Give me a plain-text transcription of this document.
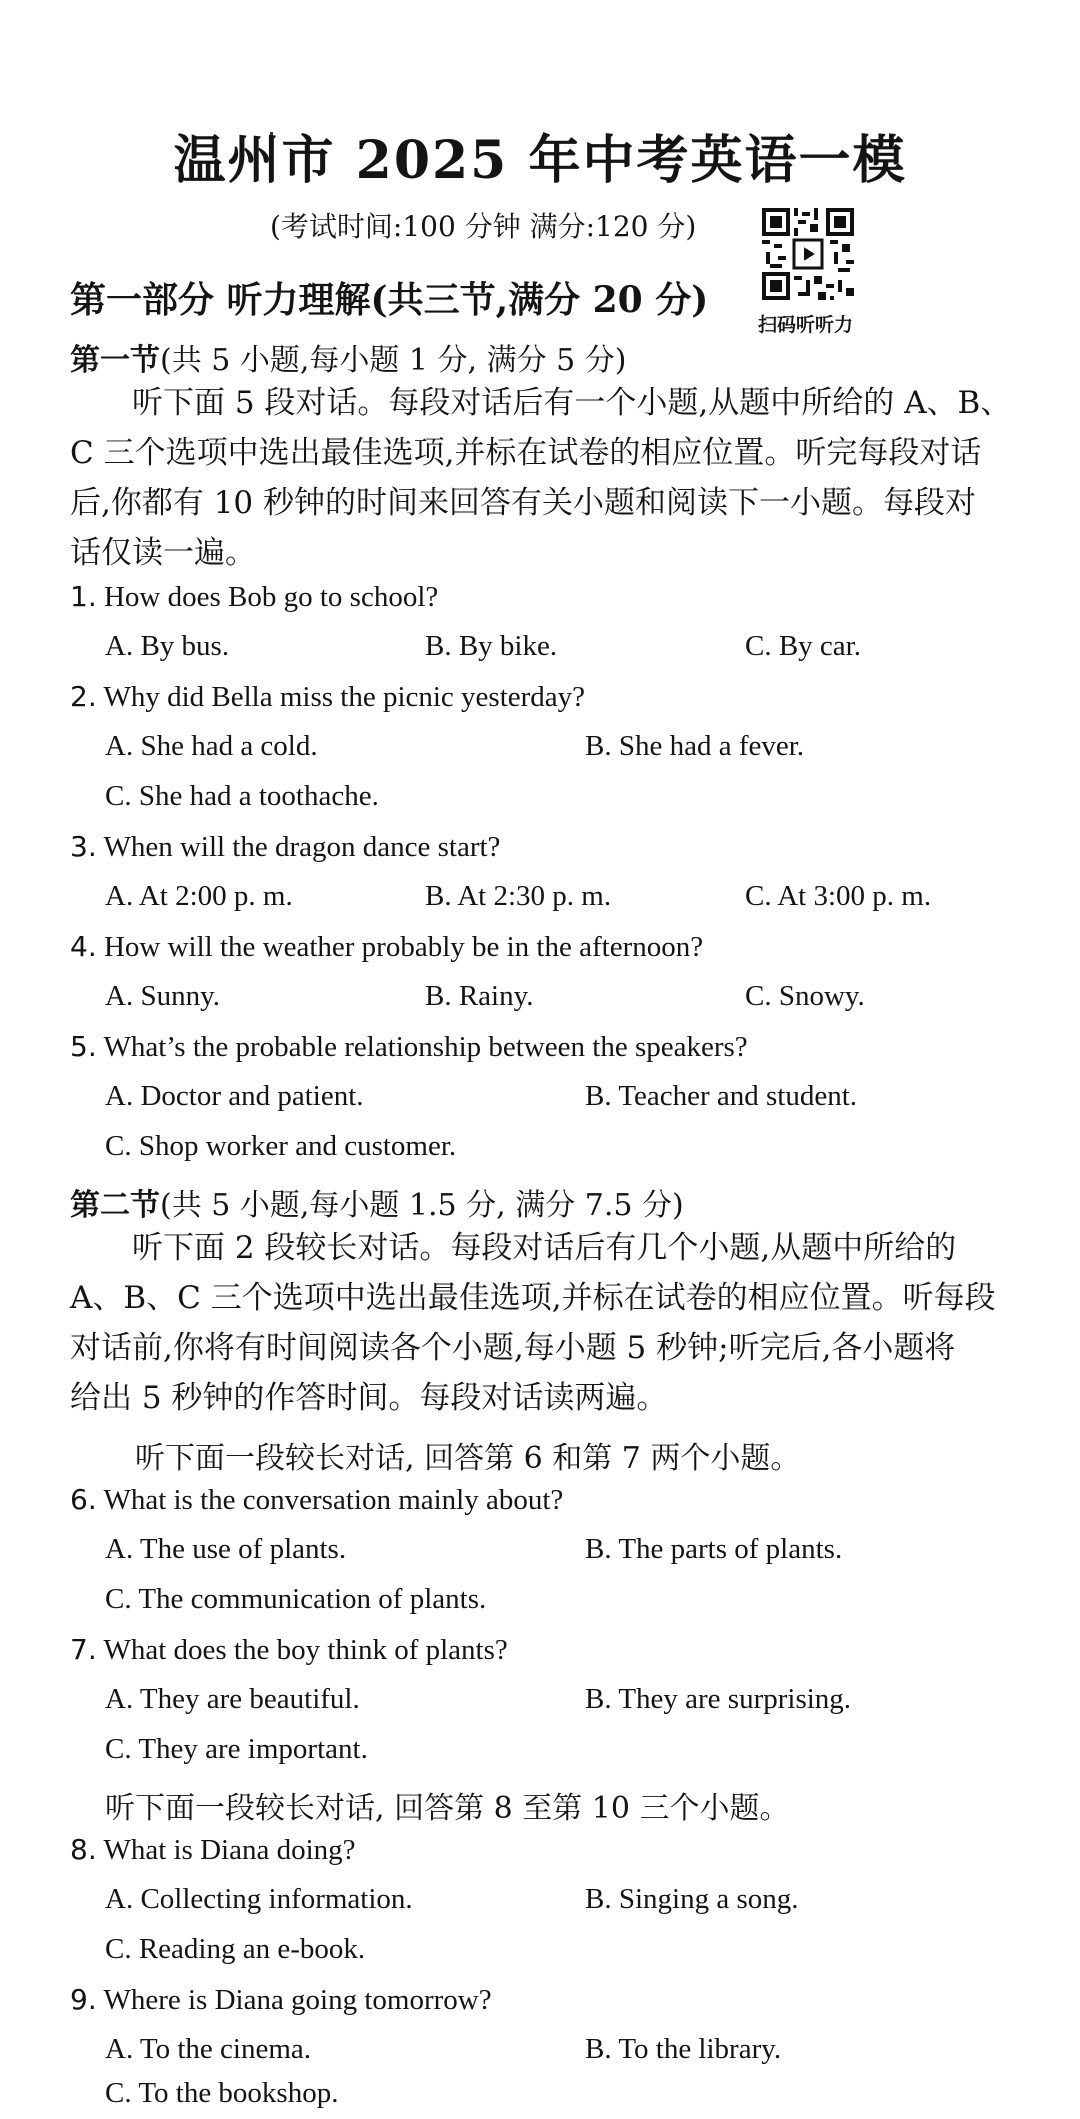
温州市 2025 年中考英语一模
(考试时间:100 分钟 满分:120 分)
扫码听听力
第一部分 听力理解(共三节,满分 20 分)
第一节(共 5 小题,每小题 1 分, 满分 5 分)
　　听下面 5 段对话。每段对话后有一个小题,从题中所给的 A、B、
C 三个选项中选出最佳选项,并标在试卷的相应位置。听完每段对话
后,你都有 10 秒钟的时间来回答有关小题和阅读下一小题。每段对
话仅读一遍。
1. How does Bob go to school?
A. By bus.	B. By bike.	C. By car.
2. Why did Bella miss the picnic yesterday?
A. She had a cold.	B. She had a fever.
C. She had a toothache.
3. When will the dragon dance start?
A. At 2:00 p. m.	B. At 2:30 p. m.	C. At 3:00 p. m.
4. How will the weather probably be in the afternoon?
A. Sunny.	B. Rainy.	C. Snowy.
5. What’s the probable relationship between the speakers?
A. Doctor and patient.	B. Teacher and student.
C. Shop worker and customer.
第二节(共 5 小题,每小题 1.5 分, 满分 7.5 分)
　　听下面 2 段较长对话。每段对话后有几个小题,从题中所给的
A、B、C 三个选项中选出最佳选项,并标在试卷的相应位置。听每段
对话前,你将有时间阅读各个小题,每小题 5 秒钟;听完后,各小题将
给出 5 秒钟的作答时间。每段对话读两遍。
听下面一段较长对话, 回答第 6 和第 7 两个小题。
6. What is the conversation mainly about?
A. The use of plants.	B. The parts of plants.
C. The communication of plants.
7. What does the boy think of plants?
A. They are beautiful.	B. They are surprising.
C. They are important.
听下面一段较长对话, 回答第 8 至第 10 三个小题。
8. What is Diana doing?
A. Collecting information.	B. Singing a song.
C. Reading an e-book.
9. Where is Diana going tomorrow?
A. To the cinema.	B. To the library.
C. To the bookshop.
